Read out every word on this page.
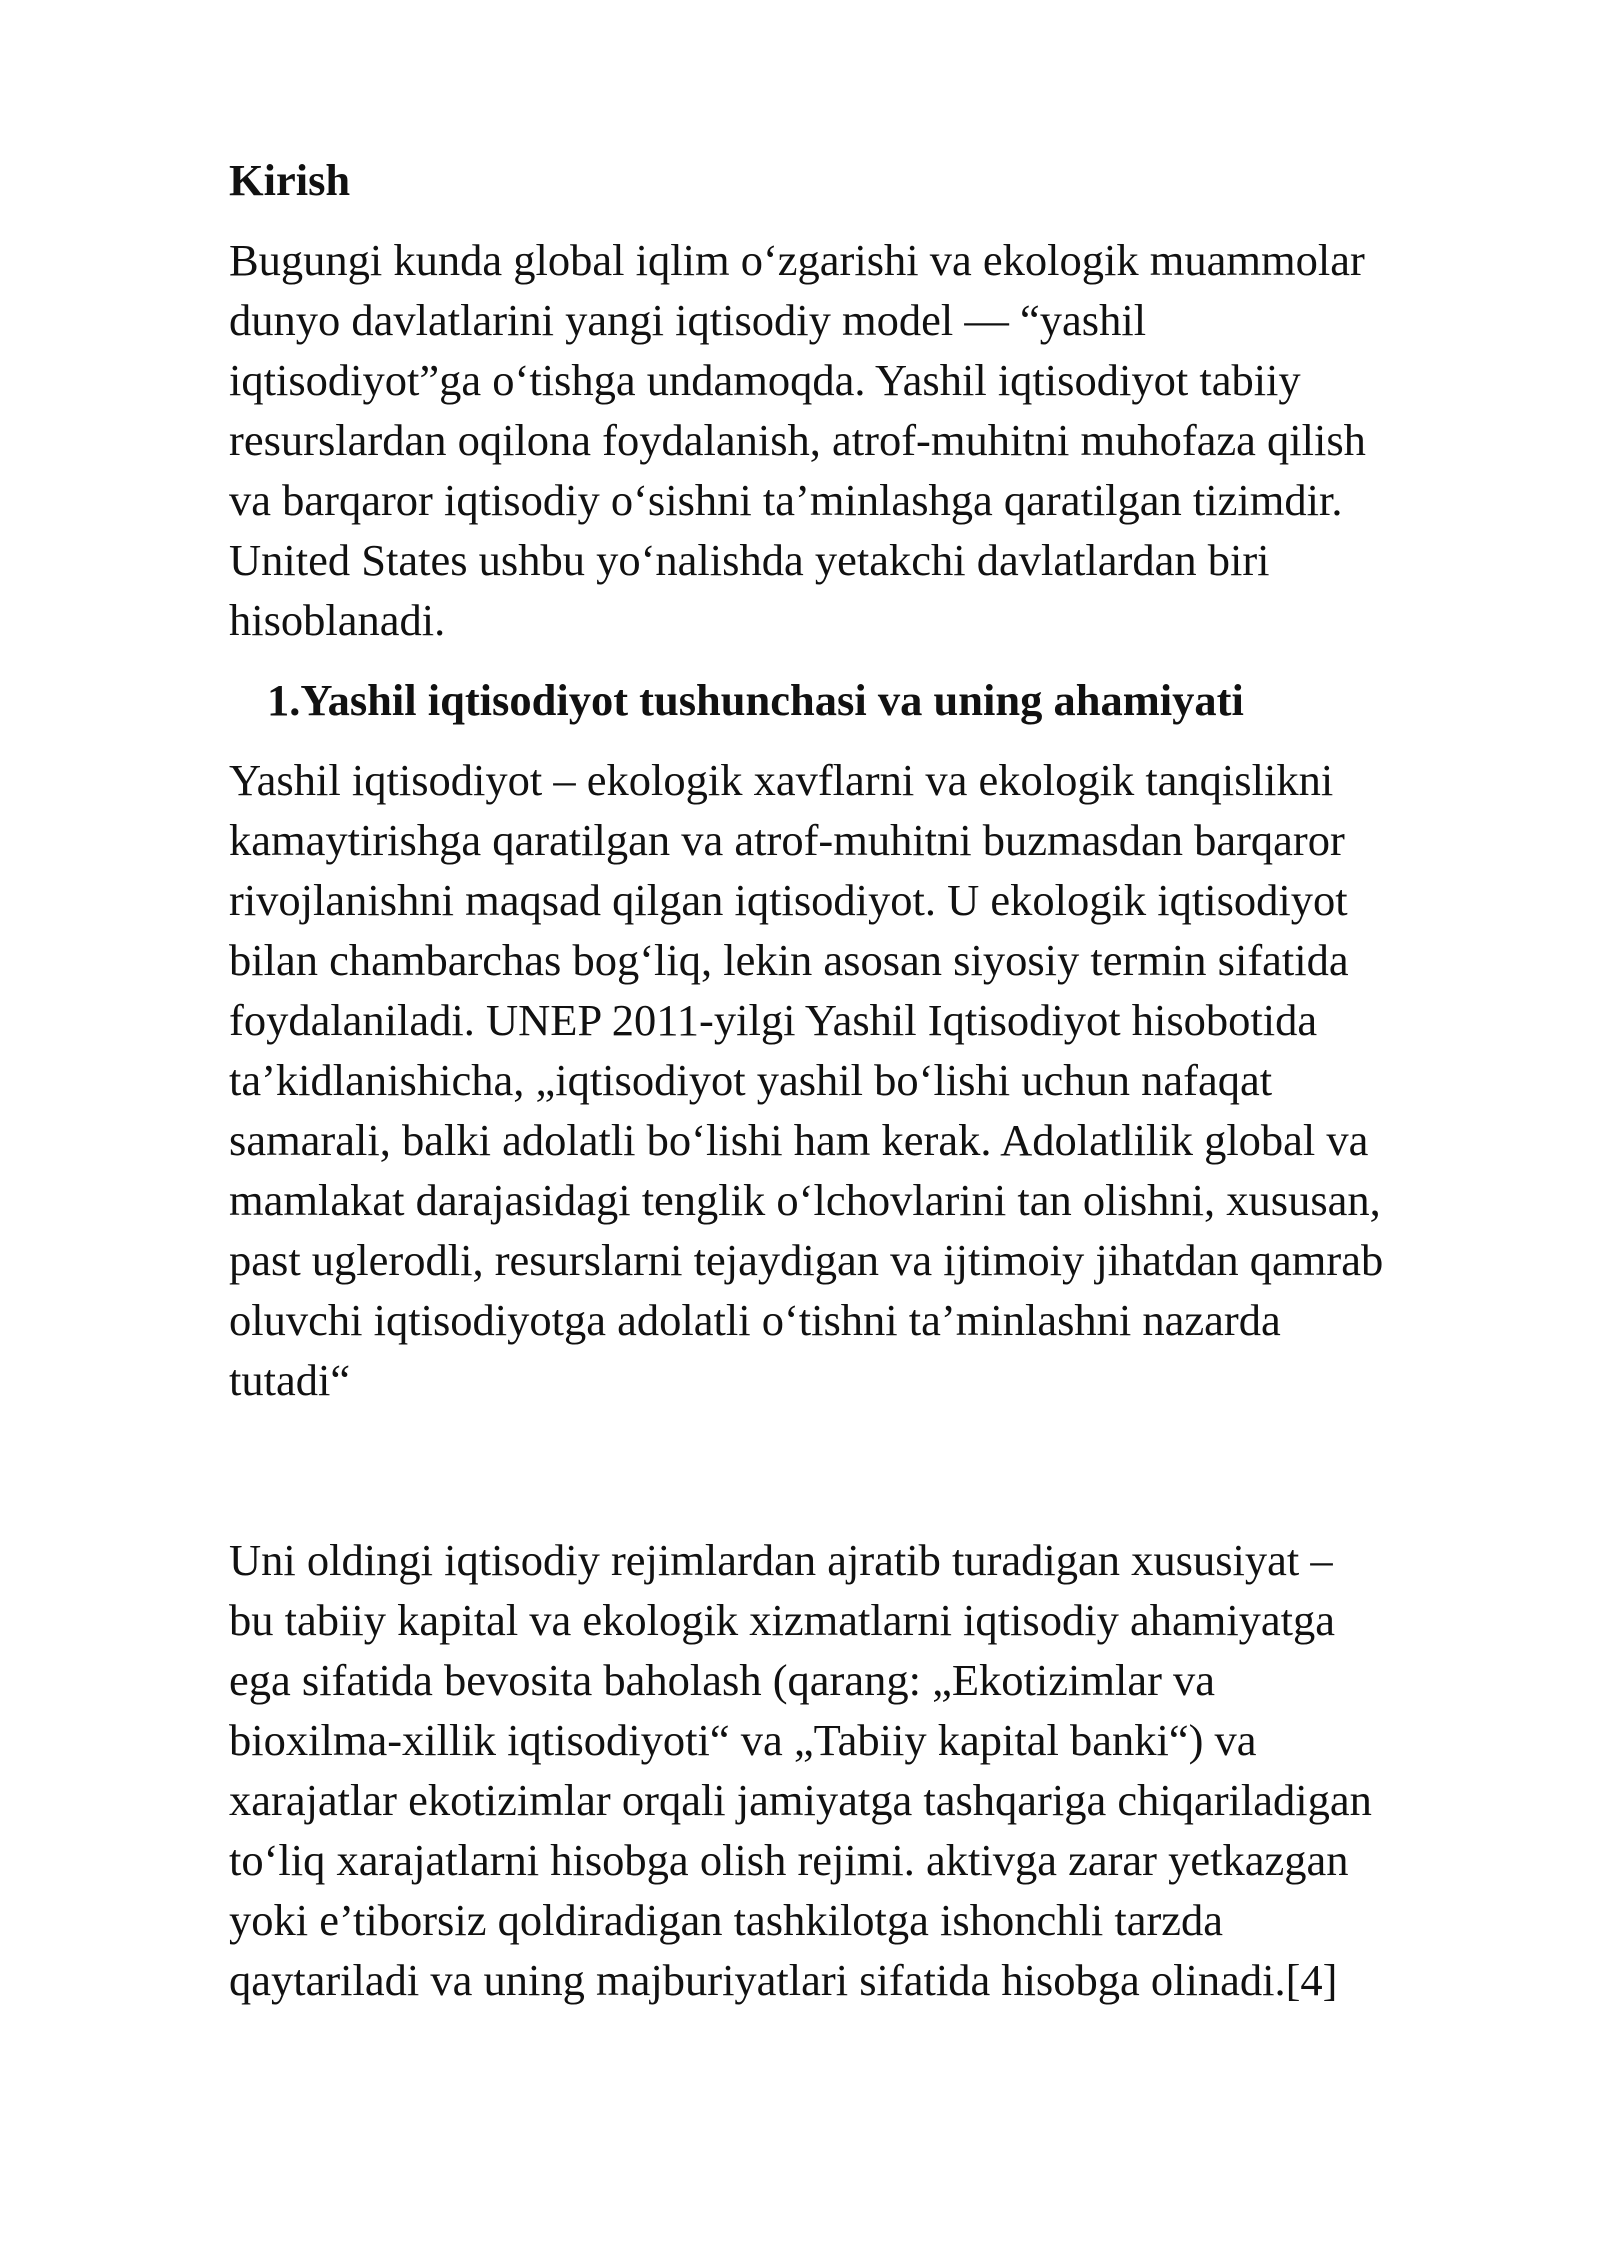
Kirish

Bugungi kunda global iqlim o‘zgarishi va ekologik muammolar
dunyo davlatlarini yangi iqtisodiy model — “yashil
iqtisodiyot”ga o‘tishga undamoqda. Yashil iqtisodiyot tabiiy
resurslardan oqilona foydalanish, atrof-muhitni muhofaza qilish
va barqaror iqtisodiy o‘sishni ta’minlashga qaratilgan tizimdir.
United States ushbu yo‘nalishda yetakchi davlatlardan biri
hisoblanadi.

1.Yashil iqtisodiyot tushunchasi va uning ahamiyati

Yashil iqtisodiyot – ekologik xavflarni va ekologik tanqislikni
kamaytirishga qaratilgan va atrof-muhitni buzmasdan barqaror
rivojlanishni maqsad qilgan iqtisodiyot. U ekologik iqtisodiyot
bilan chambarchas bog‘liq, lekin asosan siyosiy termin sifatida
foydalaniladi. UNEP 2011-yilgi Yashil Iqtisodiyot hisobotida
ta’kidlanishicha, „iqtisodiyot yashil bo‘lishi uchun nafaqat
samarali, balki adolatli bo‘lishi ham kerak. Adolatlilik global va
mamlakat darajasidagi tenglik o‘lchovlarini tan olishni, xususan,
past uglerodli, resurslarni tejaydigan va ijtimoiy jihatdan qamrab
oluvchi iqtisodiyotga adolatli o‘tishni ta’minlashni nazarda
tutadi“

Uni oldingi iqtisodiy rejimlardan ajratib turadigan xususiyat –
bu tabiiy kapital va ekologik xizmatlarni iqtisodiy ahamiyatga
ega sifatida bevosita baholash (qarang: „Ekotizimlar va
bioxilma-xillik iqtisodiyoti“ va „Tabiiy kapital banki“) va
xarajatlar ekotizimlar orqali jamiyatga tashqariga chiqariladigan
to‘liq xarajatlarni hisobga olish rejimi. aktivga zarar yetkazgan
yoki e’tiborsiz qoldiradigan tashkilotga ishonchli tarzda
qaytariladi va uning majburiyatlari sifatida hisobga olinadi.[4]
